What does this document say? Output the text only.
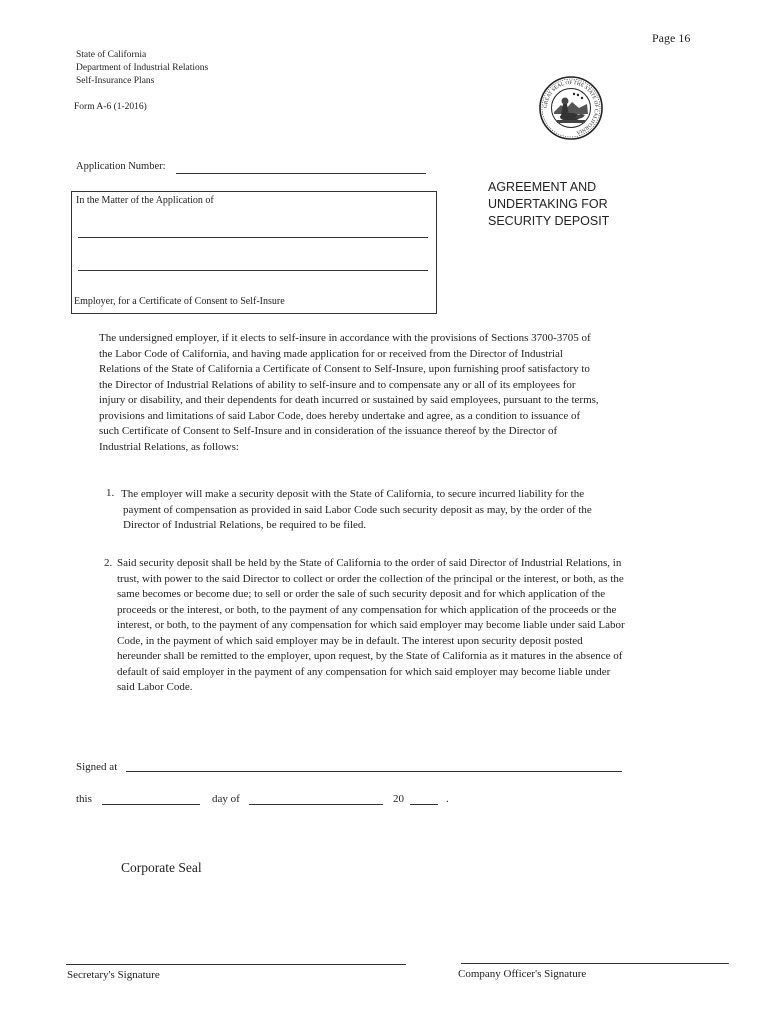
Page 16
State of California
Department of Industrial Relations
Self-Insurance Plans
Form A-6 (1-2016)	GREAT SEAL OF THE STATE OF CALIFORNIA
Application Number:
In the Matter of the Application of
Employer, for a Certificate of Consent to Self-Insure
AGREEMENT AND
UNDERTAKING FOR
SECURITY DEPOSIT
The undersigned employer, if it elects to self-insure in accordance with the provisions of Sections 3700-3705 of
the Labor Code of California, and having made application for or received from the Director of Industrial
Relations of the State of California a Certificate of Consent to Self-Insure, upon furnishing proof satisfactory to
the Director of Industrial Relations of ability to self-insure and to compensate any or all of its employees for
injury or disability, and their dependents for death incurred or sustained by said employees, pursuant to the terms,
provisions and limitations of said Labor Code, does hereby undertake and agree, as a condition to issuance of
such Certificate of Consent to Self-Insure and in consideration of the issuance thereof by the Director of
Industrial Relations, as follows:
1. The employer will make a security deposit with the State of California, to secure incurred liability for the
payment of compensation as provided in said Labor Code such security deposit as may, by the order of the
Director of Industrial Relations, be required to be filed.
2. Said security deposit shall be held by the State of California to the order of said Director of Industrial Relations, in
trust, with power to the said Director to collect or order the collection of the principal or the interest, or both, as the
same becomes or become due; to sell or order the sale of such security deposit and for which application of the
proceeds or the interest, or both, to the payment of any compensation for which application of the proceeds or the
interest, or both, to the payment of any compensation for which said employer may become liable under said Labor
Code, in the payment of which said employer may be in default. The interest upon security deposit posted
hereunder shall be remitted to the employer, upon request, by the State of California as it matures in the absence of
default of said employer in the payment of any compensation for which said employer may become liable under
said Labor Code.
Signed at
this	day of	20	.
Corporate Seal
Secretary's Signature	Company Officer's Signature
